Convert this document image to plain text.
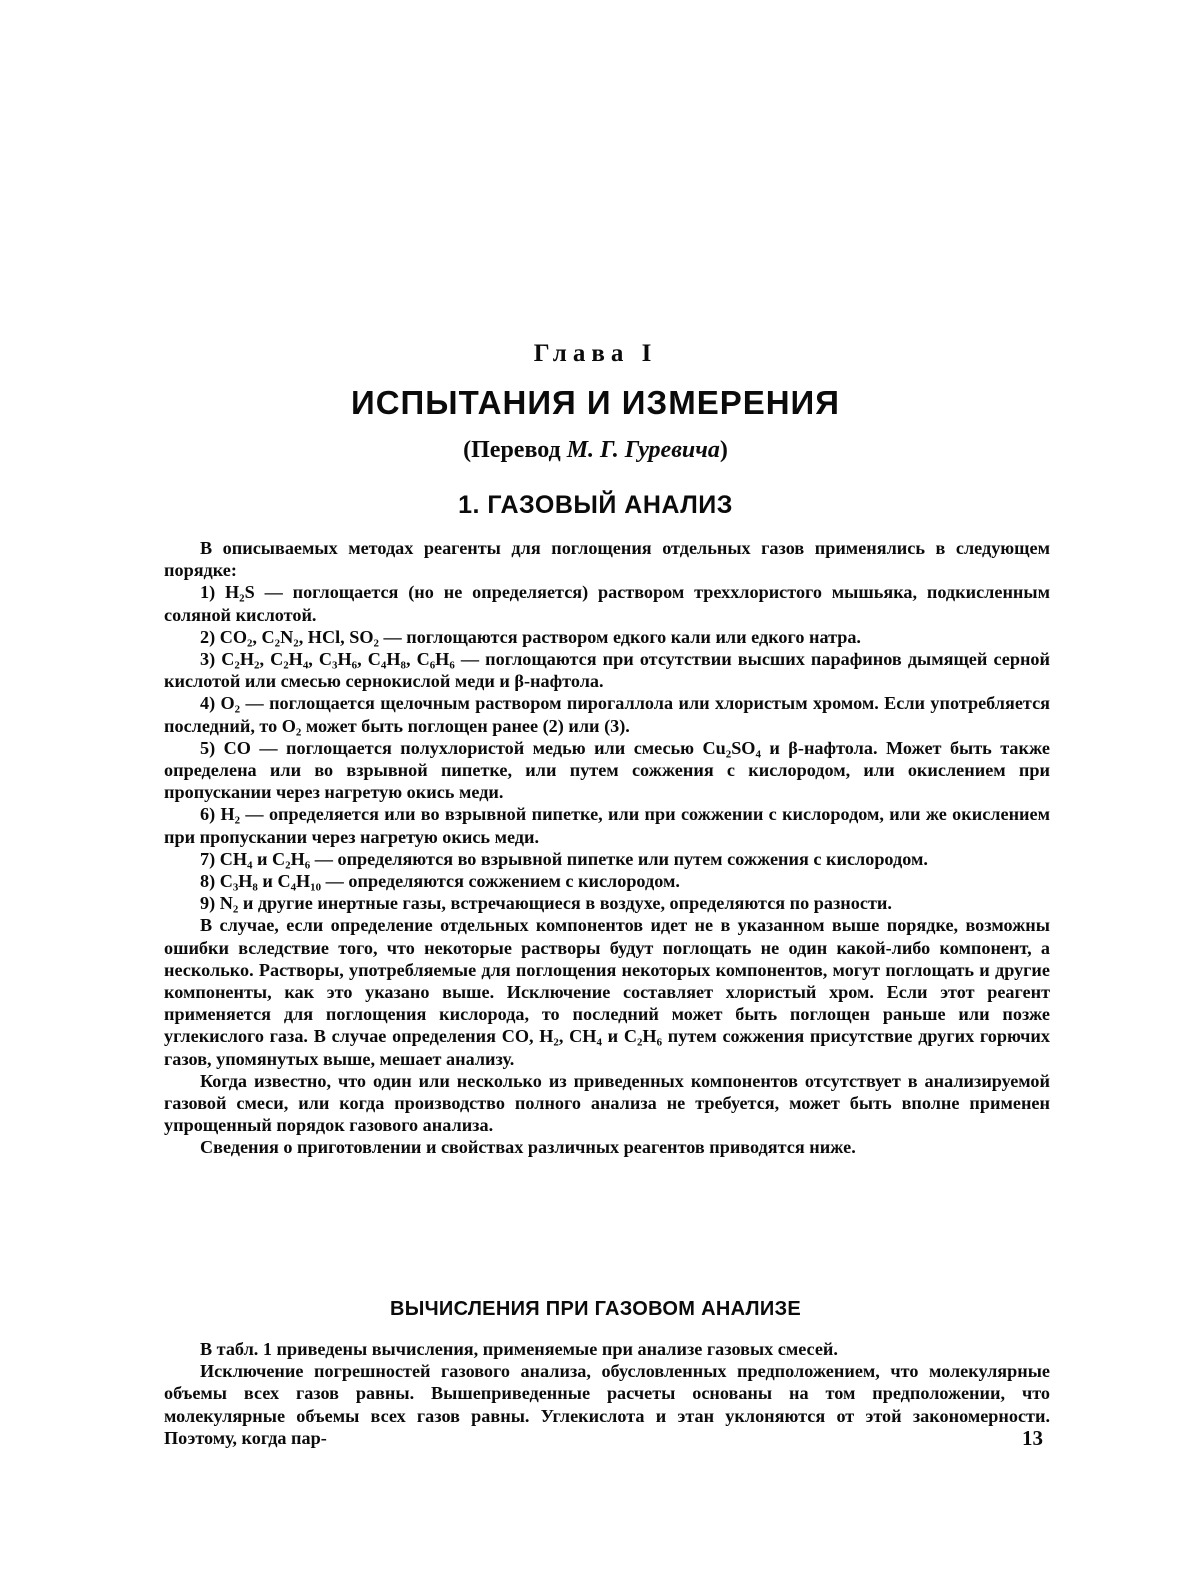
Глава I
ИСПЫТАНИЯ И ИЗМЕРЕНИЯ
(Перевод М. Г. Гуревича)
1. ГАЗОВЫЙ АНАЛИЗ

В описываемых методах реагенты для поглощения отдельных газов применялись в следующем порядке:

1) H₂S — поглощается (но не определяется) раствором треххлористого мышьяка, подкисленным соляной кислотой.

2) CO₂, C₂N₂, HCl, SO₂ — поглощаются раствором едкого кали или едкого натра.

3) C₂H₂, C₂H₄, C₃H₆, C₄H₈, C₆H₆ — поглощаются при отсутствии высших парафинов дымящей серной кислотой или смесью сернокислой меди и β-нафтола.

4) O₂ — поглощается щелочным раствором пирогаллола или хлористым хромом. Если употребляется последний, то O₂ может быть поглощен ранее (2) или (3).

5) CO — поглощается полухлористой медью или смесью Cu₂SO₄ и β-нафтола. Может быть также определена или во взрывной пипетке, или путем сожжения с кислородом, или окислением при пропускании через нагретую окись меди.

6) H₂ — определяется или во взрывной пипетке, или при сожжении с кислородом, или же окислением при пропускании через нагретую окись меди.

7) CH₄ и C₂H₆ — определяются во взрывной пипетке или путем сожжения с кислородом.

8) C₃H₈ и C₄H₁₀ — определяются сожжением с кислородом.

9) N₂ и другие инертные газы, встречающиеся в воздухе, определяются по разности.

В случае, если определение отдельных компонентов идет не в указанном выше порядке, возможны ошибки вследствие того, что некоторые растворы будут поглощать не один какой-либо компонент, а несколько. Растворы, употребляемые для поглощения некоторых компонентов, могут поглощать и другие компоненты, как это указано выше. Исключение составляет хлористый хром. Если этот реагент применяется для поглощения кислорода, то последний может быть поглощен раньше или позже углекислого газа. В случае определения CO, H₂, CH₄ и C₂H₆ путем сожжения присутствие других горючих газов, упомянутых выше, мешает анализу.

Когда известно, что один или несколько из приведенных компонентов отсутствует в анализируемой газовой смеси, или когда производство полного анализа не требуется, может быть вполне применен упрощенный порядок газового анализа.

Сведения о приготовлении и свойствах различных реагентов приводятся ниже.

ВЫЧИСЛЕНИЯ ПРИ ГАЗОВОМ АНАЛИЗЕ

В табл. 1 приведены вычисления, применяемые при анализе газовых смесей.

Исключение погрешностей газового анализа, обусловленных предположением, что молекулярные объемы всех газов равны. Вышеприведенные расчеты основаны на том предположении, что молекулярные объемы всех газов равны. Углекислота и этан уклоняются от этой закономерности. Поэтому, когда пар-	13
